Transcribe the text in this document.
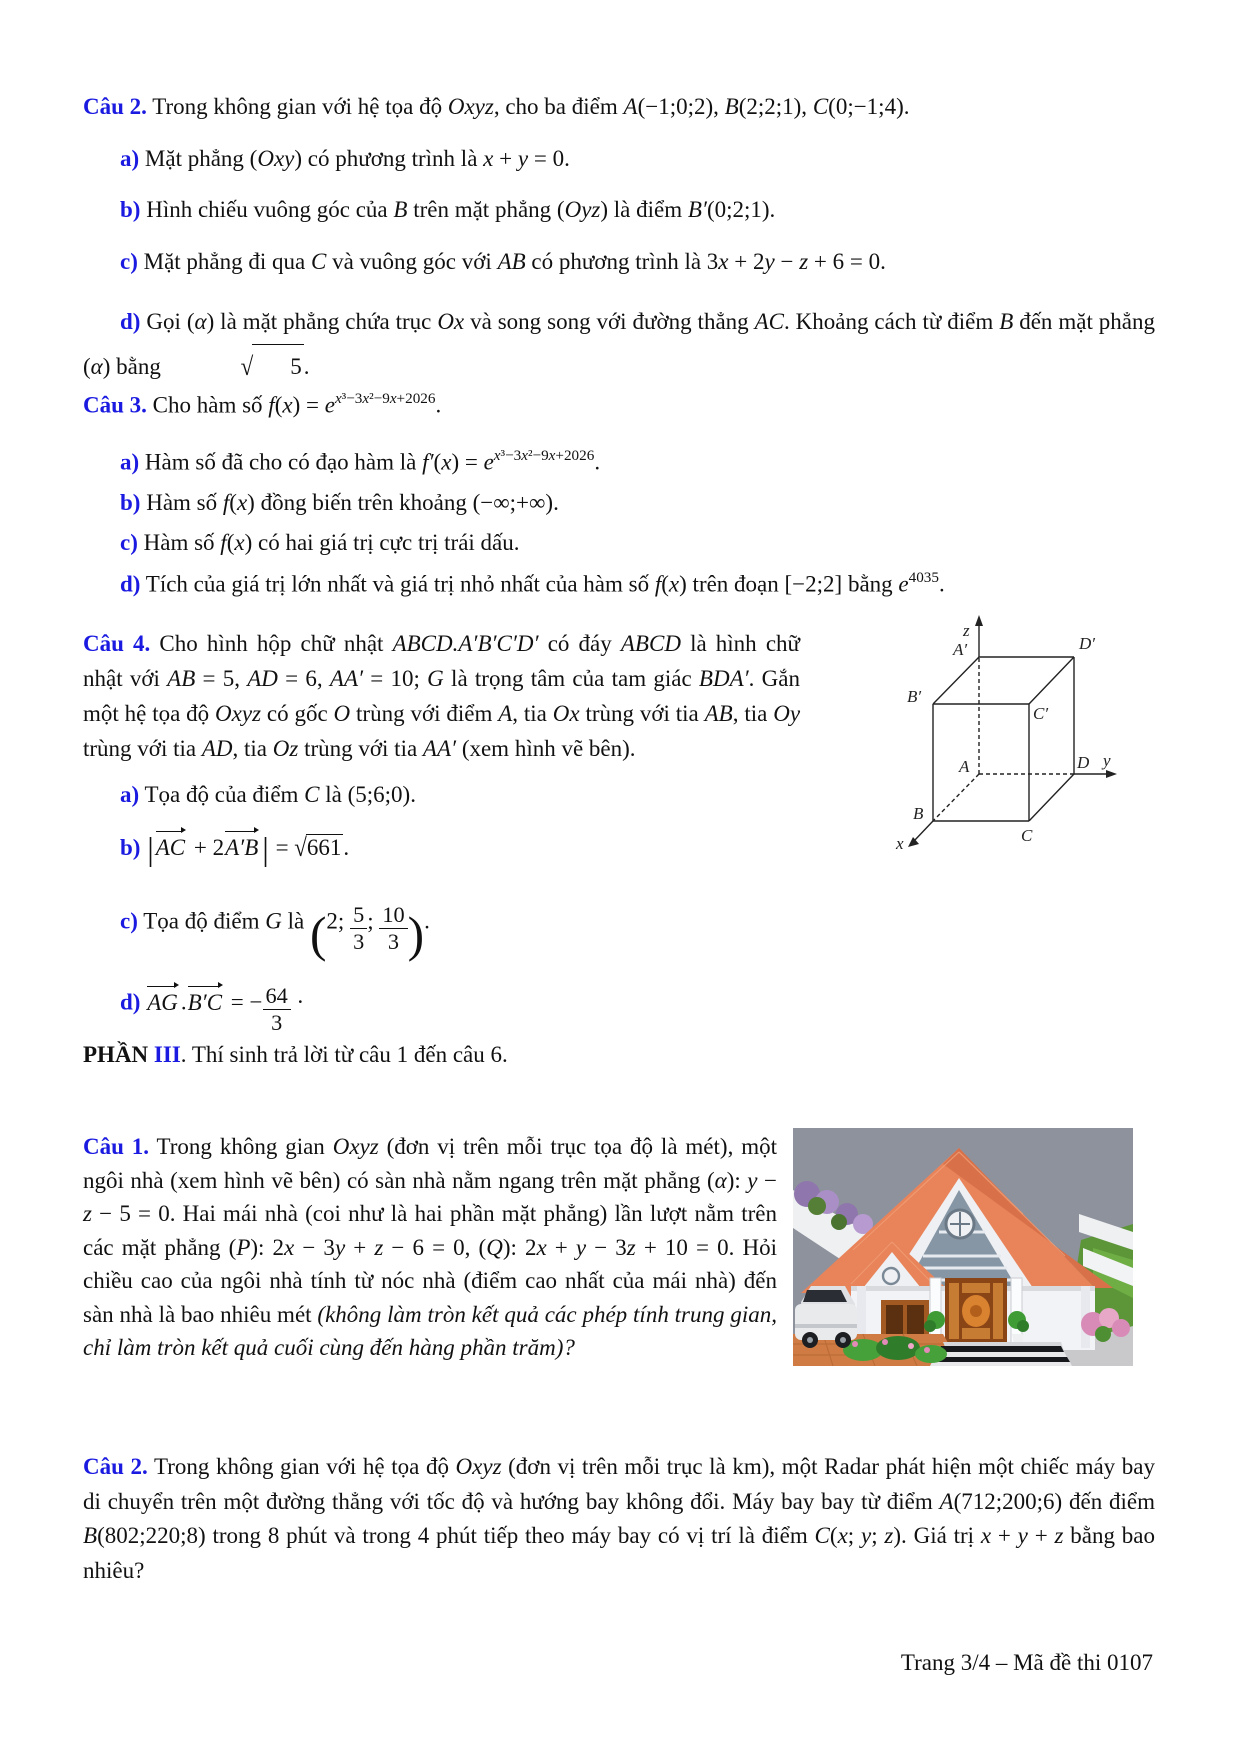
Câu 2. Trong không gian với hệ tọa độ Oxyz, cho ba điểm A(−1;0;2), B(2;2;1), C(0;−1;4).
a) Mặt phẳng (Oxy) có phương trình là x + y = 0.
b) Hình chiếu vuông góc của B trên mặt phẳng (Oyz) là điểm B′(0;2;1).
c) Mặt phẳng đi qua C và vuông góc với AB có phương trình là 3x + 2y − z + 6 = 0.
d) Gọi (α) là mặt phẳng chứa trục Ox và song song với đường thẳng AC. Khoảng cách từ điểm B đến mặt phẳng (α) bằng	√ 5.
Câu 3. Cho hàm số $f(x) = e^{x^3-3x^2-9x+2026}$.
a) Hàm số đã cho có đạo hàm là $f'(x) = e^{x^3-3x^2-9x+2026}$.
b) Hàm số f(x) đồng biến trên khoảng (−∞;+∞).
c) Hàm số f(x) có hai giá trị cực trị trái dấu.
d) Tích của giá trị lớn nhất và giá trị nhỏ nhất của hàm số f(x) trên đoạn [−2;2] bằng $e^{4035}$.
Câu 4. Cho hình hộp chữ nhật ABCD.A′B′C′D′ có đáy ABCD là hình chữ nhật với AB = 5, AD = 6, AA′ = 10; G là trọng tâm của tam giác BDA′. Gắn một hệ tọa độ Oxyz có gốc O trùng với điểm A, tia Ox trùng với tia AB, tia Oy trùng với tia AD, tia Oz trùng với tia AA′ (xem hình vẽ bên).
z
A′	D′
B′
C′
A	D y
B
C
x
a) Tọa độ của điểm C là (5;6;0).
b) |AC + 2A′B | = √661.
c) Tọa độ điểm G là (2; $\frac{5}{3}$ ; $\frac{10}{3}$ ).
d) AG .B′C = − $\frac{64}{3}$ ·
PHẦN III. Thí sinh trả lời từ câu 1 đến câu 6.
Câu 1. Trong không gian Oxyz (đơn vị trên mỗi trục tọa độ là mét), một ngôi nhà (xem hình vẽ bên) có sàn nhà nằm ngang trên mặt phẳng (α): y − z − 5 = 0. Hai mái nhà (coi như là hai phần mặt phẳng) lần lượt nằm trên các mặt phẳng (P): 2x − 3y + z − 6 = 0, (Q): 2x + y − 3z + 10 = 0. Hỏi chiều cao của ngôi nhà tính từ nóc nhà (điểm cao nhất của mái nhà) đến sàn nhà là bao nhiêu mét (không làm tròn kết quả các phép tính trung gian, chỉ làm tròn kết quả cuối cùng đến hàng phần trăm)?
Câu 2. Trong không gian với hệ tọa độ Oxyz (đơn vị trên mỗi trục là km), một Radar phát hiện một chiếc máy bay di chuyển trên một đường thẳng với tốc độ và hướng bay không đổi. Máy bay bay từ điểm A(712;200;6) đến điểm B(802;220;8) trong 8 phút và trong 4 phút tiếp theo máy bay có vị trí là điểm C(x; y; z). Giá trị x + y + z bằng bao nhiêu?
Trang 3/4 – Mã đề thi 0107
